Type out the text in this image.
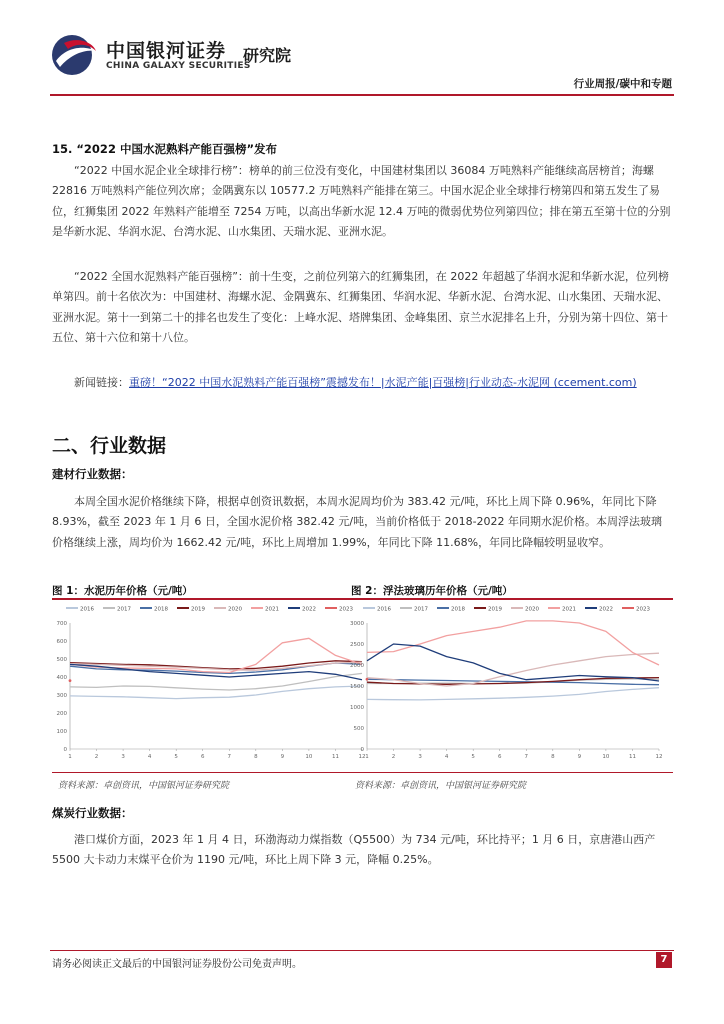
中国银河证券
CHINA GALAXY SECURITIES
研究院
行业周报/碳中和专题
15. “2022 中国水泥熟料产能百强榜”发布

“2022 中国水泥企业全球排行榜”：榜单的前三位没有变化，中国建材集团以 36084 万吨熟料产能继续高居榜首；海螺 22816 万吨熟料产能位列次席；金隅冀东以 10577.2 万吨熟料产能排在第三。中国水泥企业全球排行榜第四和第五发生了易位，红狮集团 2022 年熟料产能增至 7254 万吨，以高出华新水泥 12.4 万吨的微弱优势位列第四位；排在第五至第十位的分别是华新水泥、华润水泥、台湾水泥、山水集团、天瑞水泥、亚洲水泥。

“2022 全国水泥熟料产能百强榜”：前十生变，之前位列第六的红狮集团，在 2022 年超越了华润水泥和华新水泥，位列榜单第四。前十名依次为：中国建材、海螺水泥、金隅冀东、红狮集团、华润水泥、华新水泥、台湾水泥、山水集团、天瑞水泥、亚洲水泥。第十一到第二十的排名也发生了变化：上峰水泥、塔牌集团、金峰集团、京兰水泥排名上升，分别为第十四位、第十五位、第十六位和第十八位。

新闻链接：重磅！“2022 中国水泥熟料产能百强榜”震撼发布！|水泥产能|百强榜|行业动态-水泥网 (ccement.com)

二、行业数据
建材行业数据：

本周全国水泥价格继续下降，根据卓创资讯数据，本周水泥周均价为 383.42 元/吨，环比上周下降 0.96%，年同比下降 8.93%，截至 2023 年 1 月 6 日，全国水泥价格 382.42 元/吨，当前价格低于 2018-2022 年同期水泥价格。本周浮法玻璃价格继续上涨，周均价为 1662.42 元/吨，环比上周增加 1.99%，年同比下降 11.68%，年同比降幅较明显收窄。

图 1：水泥历年价格（元/吨）	图 2：浮法玻璃历年价格（元/吨）
2016	2017	2018	2019	2020	2021	2022	2023
0
100
200
300
400
500
600
700
1	2	3	4	5	6	7	8	9	10	11	12
2016	2017	2018	2019	2020	2021	2022	2023
0
500
1000
1500
2000
2500
3000
1	2	3	4	5	6	7	8	9	10	11	12
资料来源：卓创资讯，中国银河证券研究院	资料来源：卓创资讯，中国银河证券研究院
煤炭行业数据：

港口煤价方面，2023 年 1 月 4 日，环渤海动力煤指数（Q5500）为 734 元/吨，环比持平；1 月 6 日，京唐港山西产 5500 大卡动力末煤平仓价为 1190 元/吨，环比上周下降 3 元，降幅 0.25%。

请务必阅读正文最后的中国银河证券股份公司免责声明。	7
